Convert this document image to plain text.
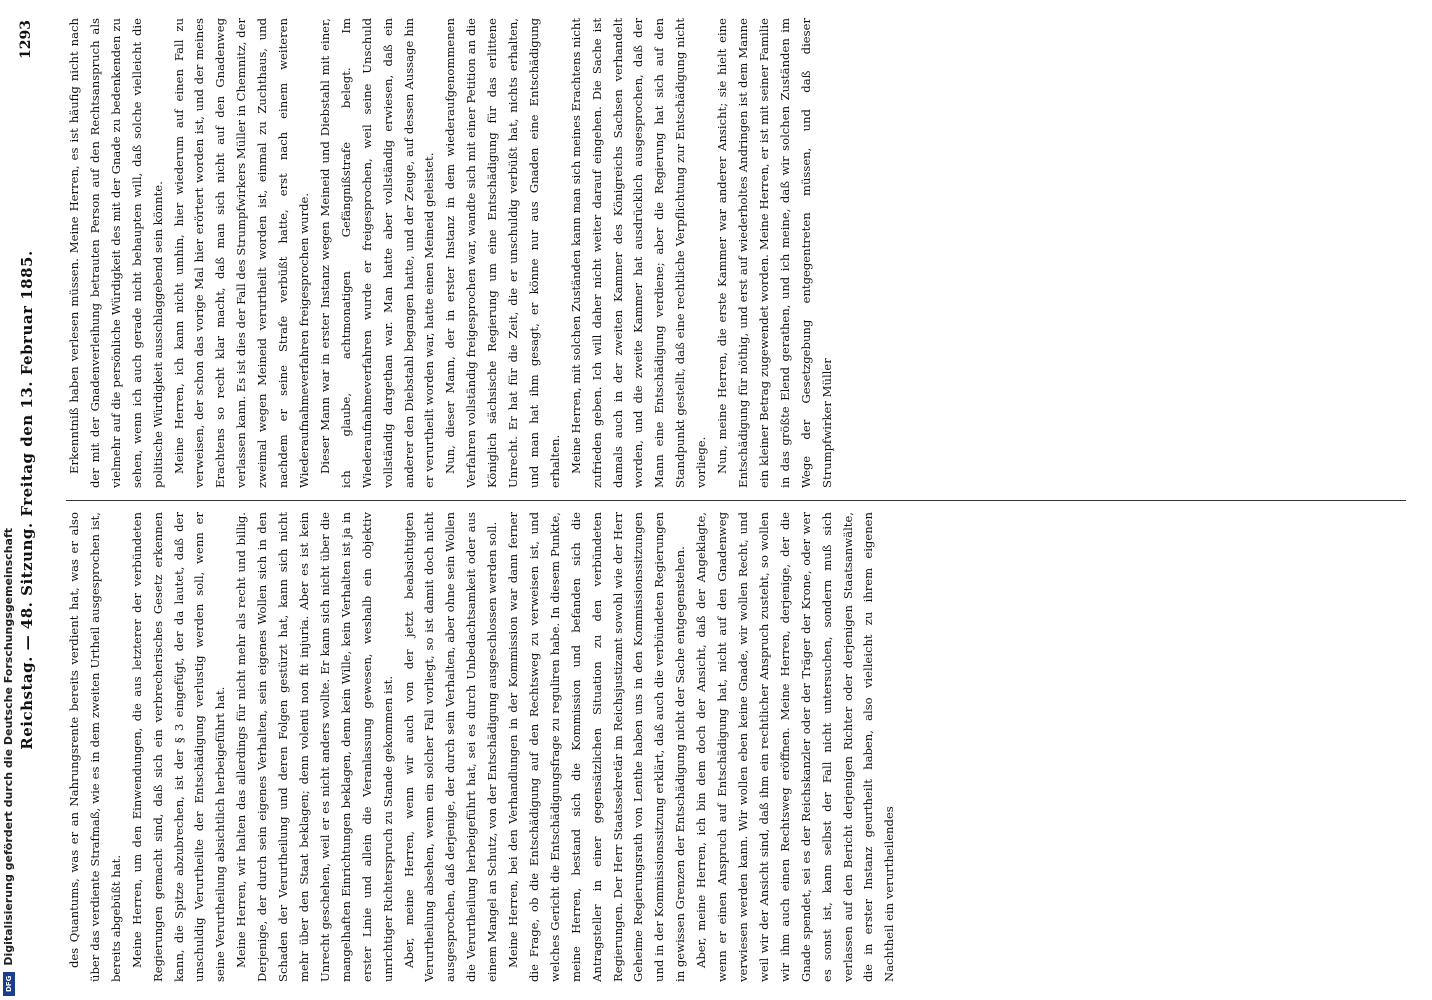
Reichstag. — 48. Sitzung. Freitag den 13. Februar 1885.
1293

des Quantums, was er an Nahrungsrente bereits verdient hat, was er also über das verdiente Strafmaß, wie es in dem zweiten Urtheil ausgesprochen ist, bereits abgebüßt hat. Meine Herren, um den Einwendungen, die aus letzterer der verbündeten Regierungen gemacht sind, daß sich ein verbrecherisches Gesetz erkennen kann, die Spitze abzubrechen, ist der § 3 eingefügt, der da lautet, daß der unschuldig Verurtheilte der Entschädigung verlustig werden soll, wenn er seine Verurtheilung absichtlich herbeigeführt hat. Meine Herren, wir halten das allerdings für nicht mehr als recht und billig. Derjenige, der durch sein eigenes Verhalten, sein eigenes Wollen sich in den Schaden der Verurtheilung und deren Folgen gestürzt hat, kann sich nicht mehr über den Staat beklagen; denn volenti non fit injuria. Aber es ist kein Unrecht geschehen, weil er es nicht anders wollte. Er kann sich nicht über die mangelhaften Einrichtungen beklagen, denn kein Wille, kein Verhalten ist ja in erster Linie und allein die Veranlassung gewesen, weshalb ein objektiv unrichtiger Richterspruch zu Stande gekommen ist. Aber, meine Herren, wenn wir auch von der jetzt beabsichtigten Verurtheilung absehen, wenn ein solcher Fall vorliegt, so ist damit doch nicht ausgesprochen, daß derjenige, der durch sein Verhalten, aber ohne sein Wollen die Verurtheilung herbeigeführt hat, sei es durch Unbedachtsamkeit oder aus einem Mangel an Schutz, von der Entschädigung ausgeschlossen werden soll. Meine Herren, bei den Verhandlungen in der Kommission war dann ferner die Frage, ob die Entschädigung auf den Rechtsweg zu verweisen ist, und welches Gericht die Entschädigungsfrage zu reguliren habe. In diesem Punkte, meine Herren, bestand sich die Kommission und befanden sich die Antragsteller in einer gegensätzlichen Situation zu den verbündeten Regierungen. Der Herr Staatssekretär im Reichsjustizamt sowohl wie der Herr Geheime Regierungsrath von Lenthe haben uns in den Kommissionssitzungen und in der Kommissionssitzung erklärt, daß auch die verbündeten Regierungen in gewissen Grenzen der Entschädigung nicht der Sache entgegenstehen. Aber, meine Herren, ich bin dem doch der Ansicht, daß der Angeklagte, wenn er einen Anspruch auf Entschädigung hat, nicht auf den Gnadenweg verwiesen werden kann. Wir wollen eben keine Gnade, wir wollen Recht, und weil wir der Ansicht sind, daß ihm ein rechtlicher Anspruch zusteht, so wollen wir ihm auch einen Rechtsweg eröffnen. Meine Herren, derjenige, der die Gnade spendet, sei es der Reichskanzler oder der Träger der Krone, oder wer es sonst ist, kann selbst der Fall nicht untersuchen, sondern muß sich verlassen auf den Bericht derjenigen Richter oder derjenigen Staatsanwälte, die in erster Instanz geurtheilt haben, also vielleicht zu ihrem eigenen Nachtheil ein verurtheilendes

Erkenntniß haben verlesen müssen. Meine Herren, es ist häufig nicht nach der mit der Gnadenverleihung betrauten Person auf den Rechtsanspruch als vielmehr auf die persönliche Würdigkeit des mit der Gnade zu bedenkenden zu sehen, wenn ich auch gerade nicht behaupten will, daß solche vielleicht die politische Würdigkeit ausschlaggebend sein könnte. Meine Herren, ich kann nicht umhin, hier wiederum auf einen Fall zu verweisen, der schon das vorige Mal hier erörtert worden ist, und der meines Erachtens so recht klar macht, daß man sich nicht auf den Gnadenweg verlassen kann. Es ist dies der Fall des Strumpfwirkers Müller in Chemnitz, der zweimal wegen Meineid verurtheilt worden ist, einmal zu Zuchthaus, und nachdem er seine Strafe verbüßt hatte, erst nach einem weiteren Wiederaufnahmeverfahren freigesprochen wurde. Dieser Mann war in erster Instanz wegen Meineid und Diebstahl mit einer, ich glaube, achtmonatigen Gefängnißstrafe belegt. Im Wiederaufnahmeverfahren wurde er freigesprochen, weil seine Unschuld vollständig dargethan war. Man hatte aber vollständig erwiesen, daß ein anderer den Diebstahl begangen hatte, und der Zeuge, auf dessen Aussage hin er verurtheilt worden war, hatte einen Meineid geleistet. Nun, dieser Mann, der in erster Instanz in dem wiederaufgenommenen Verfahren vollständig freigesprochen war, wandte sich mit einer Petition an die Königlich sächsische Regierung um eine Entschädigung für das erlittene Unrecht. Er hat für die Zeit, die er unschuldig verbüßt hat, nichts erhalten, und man hat ihm gesagt, er könne nur aus Gnaden eine Entschädigung erhalten. Meine Herren, mit solchen Zuständen kann man sich meines Erachtens nicht zufrieden geben. Ich will daher nicht weiter darauf eingehen. Die Sache ist damals auch in der zweiten Kammer des Königreichs Sachsen verhandelt worden, und die zweite Kammer hat ausdrücklich ausgesprochen, daß der Mann eine Entschädigung verdiene; aber die Regierung hat sich auf den Standpunkt gestellt, daß eine rechtliche Verpflichtung zur Entschädigung nicht vorliege. Nun, meine Herren, die erste Kammer war anderer Ansicht; sie hielt eine Entschädigung für nöthig, und erst auf wiederholtes Andringen ist dem Manne ein kleiner Betrag zugewendet worden. Meine Herren, er ist mit seiner Familie in das größte Elend gerathen, und ich meine, daß wir solchen Zuständen im Wege der Gesetzgebung entgegentreten müssen, und daß dieser Strumpfwirker Müller

DFG
Digitalisierung gefördert durch die Deutsche Forschungsgemeinschaft
